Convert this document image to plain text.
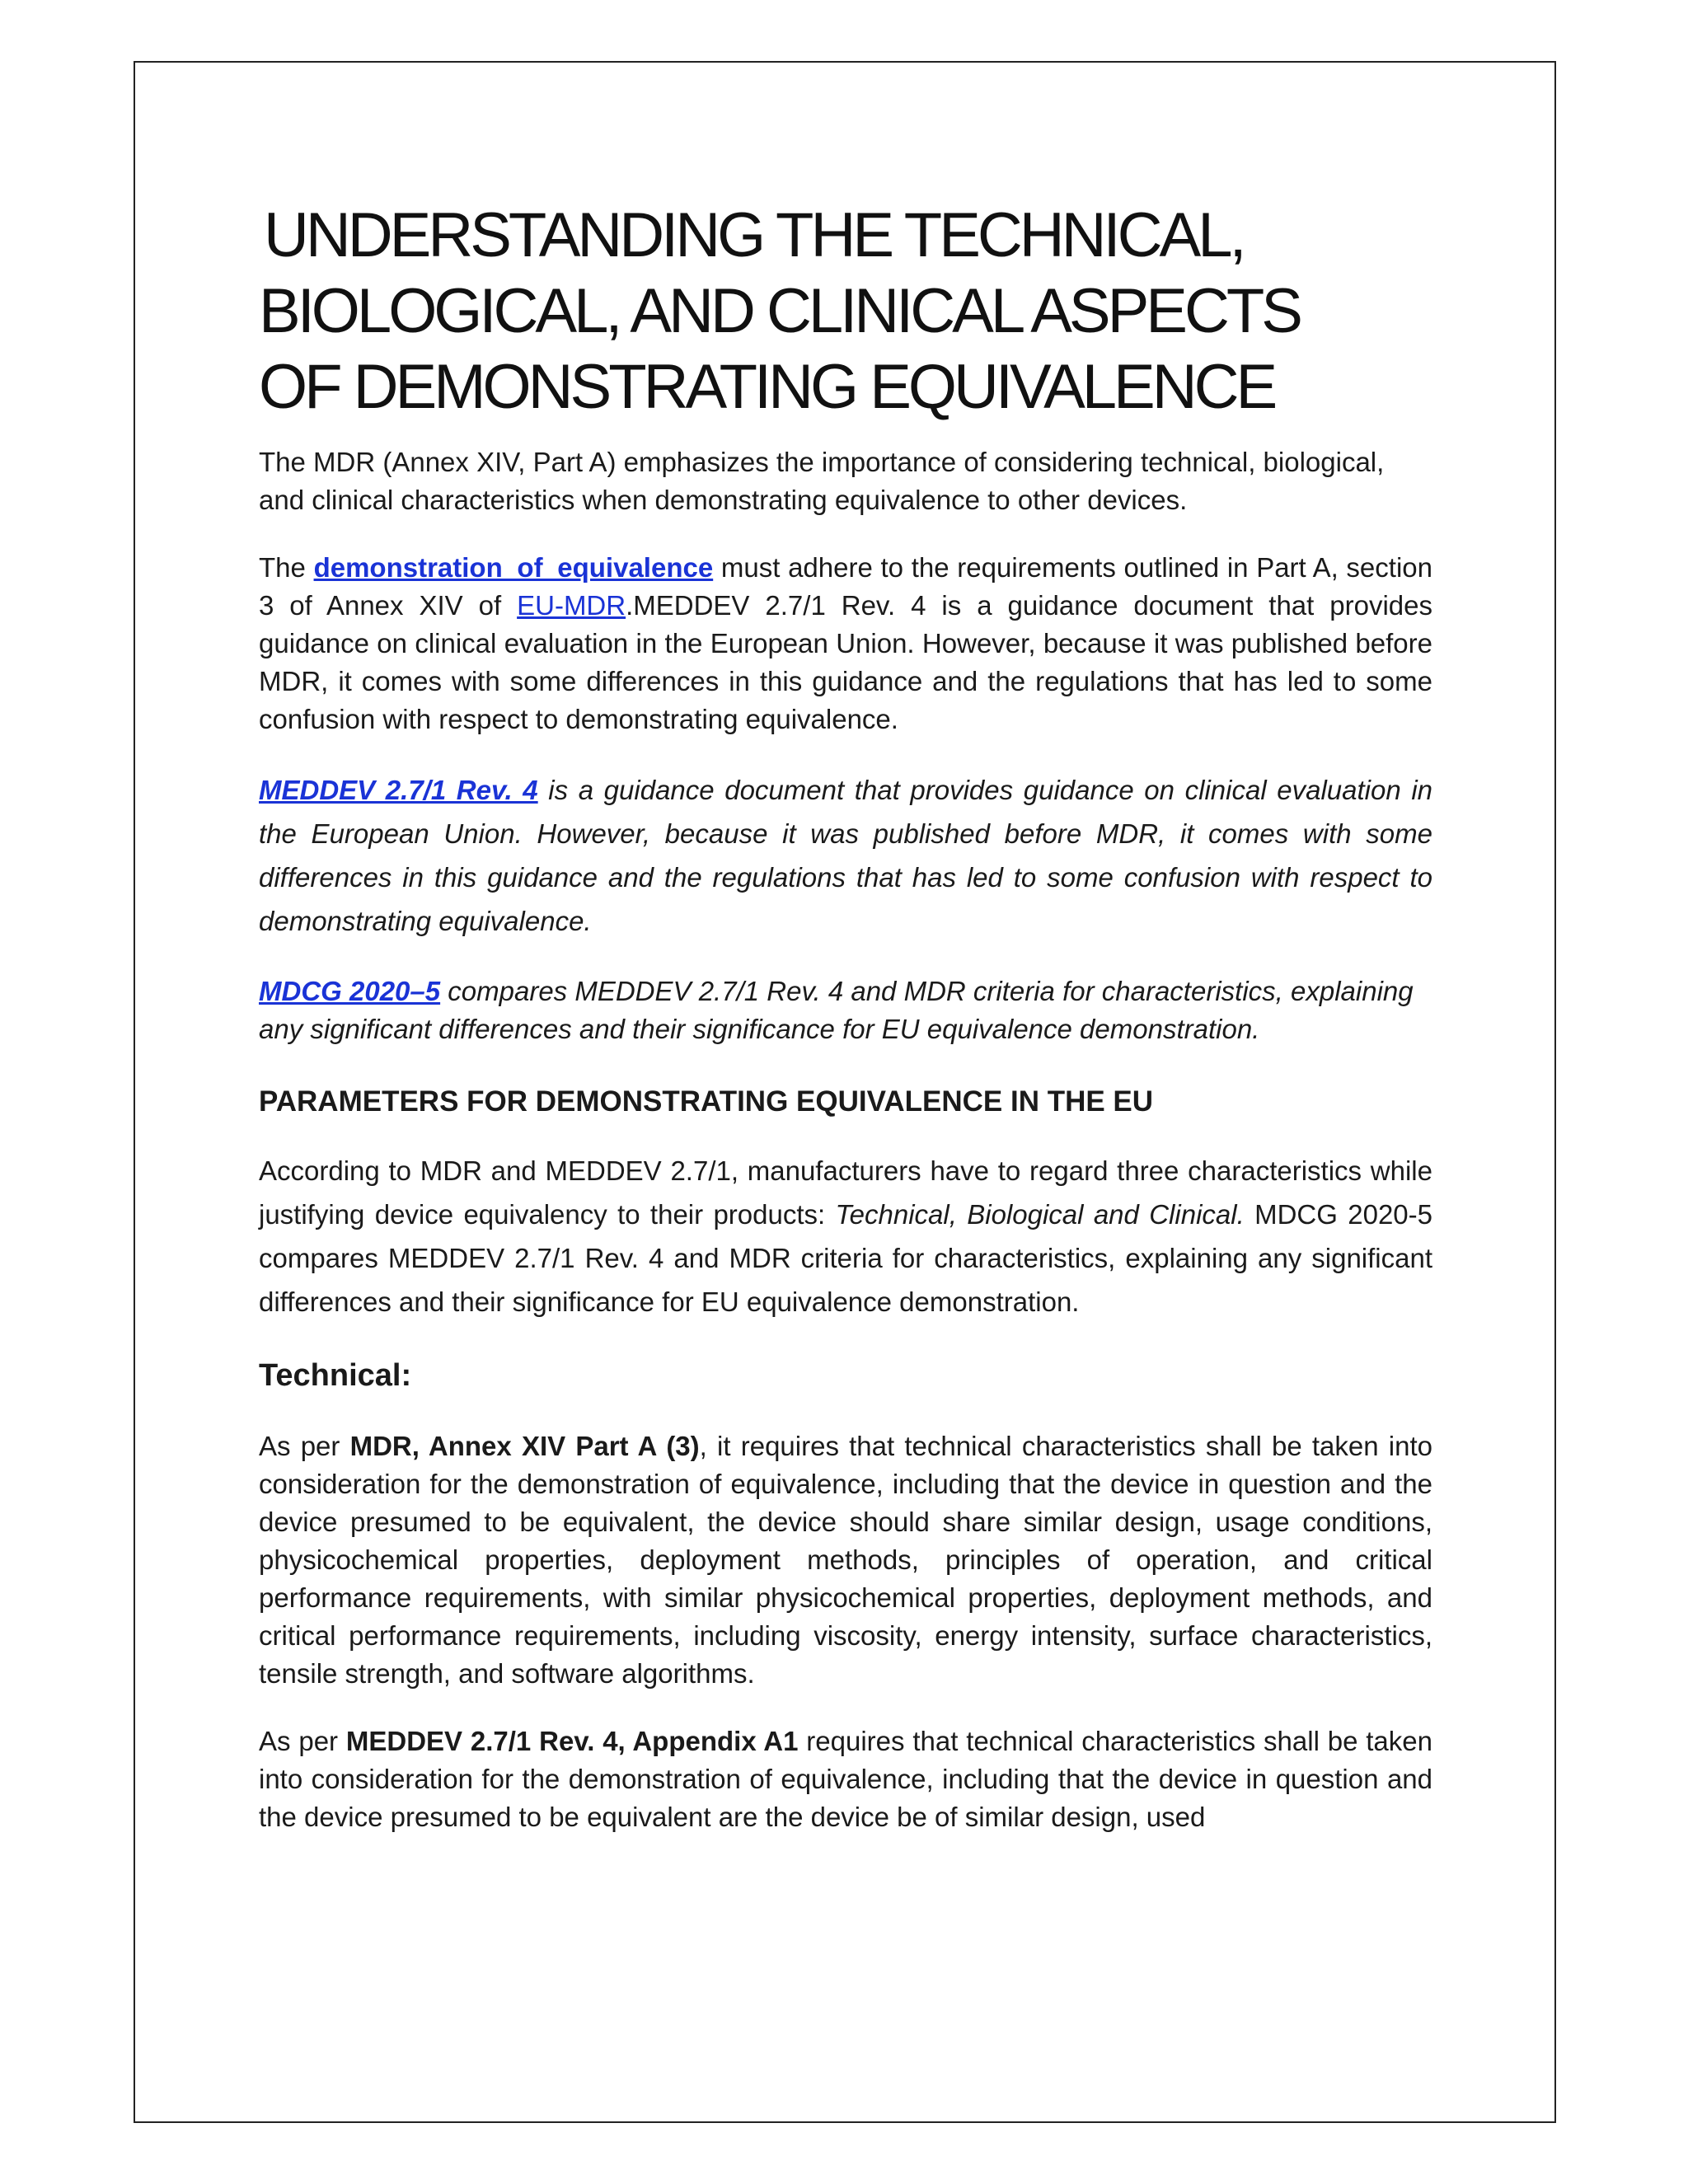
UNDERSTANDING THE TECHNICAL,
BIOLOGICAL, AND CLINICAL ASPECTS
OF DEMONSTRATING EQUIVALENCE

The MDR (Annex XIV, Part A) emphasizes the importance of considering technical, biological, and clinical characteristics when demonstrating equivalence to other devices.

The demonstration of equivalence must adhere to the requirements outlined in Part A, section 3 of Annex XIV of EU-MDR.MEDDEV 2.7/1 Rev. 4 is a guidance document that provides guidance on clinical evaluation in the European Union. However, because it was published before MDR, it comes with some differences in this guidance and the regulations that has led to some confusion with respect to demonstrating equivalence.

MEDDEV 2.7/1 Rev. 4 is a guidance document that provides guidance on clinical evaluation in the European Union. However, because it was published before MDR, it comes with some differences in this guidance and the regulations that has led to some confusion with respect to demonstrating equivalence.

MDCG 2020–5 compares MEDDEV 2.7/1 Rev. 4 and MDR criteria for characteristics, explaining any significant differences and their significance for EU equivalence demonstration.

PARAMETERS FOR DEMONSTRATING EQUIVALENCE IN THE EU

According to MDR and MEDDEV 2.7/1, manufacturers have to regard three characteristics while justifying device equivalency to their products: Technical, Biological and Clinical. MDCG 2020-5 compares MEDDEV 2.7/1 Rev. 4 and MDR criteria for characteristics, explaining any significant differences and their significance for EU equivalence demonstration.

Technical:

As per MDR, Annex XIV Part A (3), it requires that technical characteristics shall be taken into consideration for the demonstration of equivalence, including that the device in question and the device presumed to be equivalent, the device should share similar design, usage conditions, physicochemical properties, deployment methods, principles of operation, and critical performance requirements, with similar physicochemical properties, deployment methods, and critical performance requirements, including viscosity, energy intensity, surface characteristics, tensile strength, and software algorithms.

As per MEDDEV 2.7/1 Rev. 4, Appendix A1 requires that technical characteristics shall be taken into consideration for the demonstration of equivalence, including that the device in question and the device presumed to be equivalent are the device be of similar design, used
